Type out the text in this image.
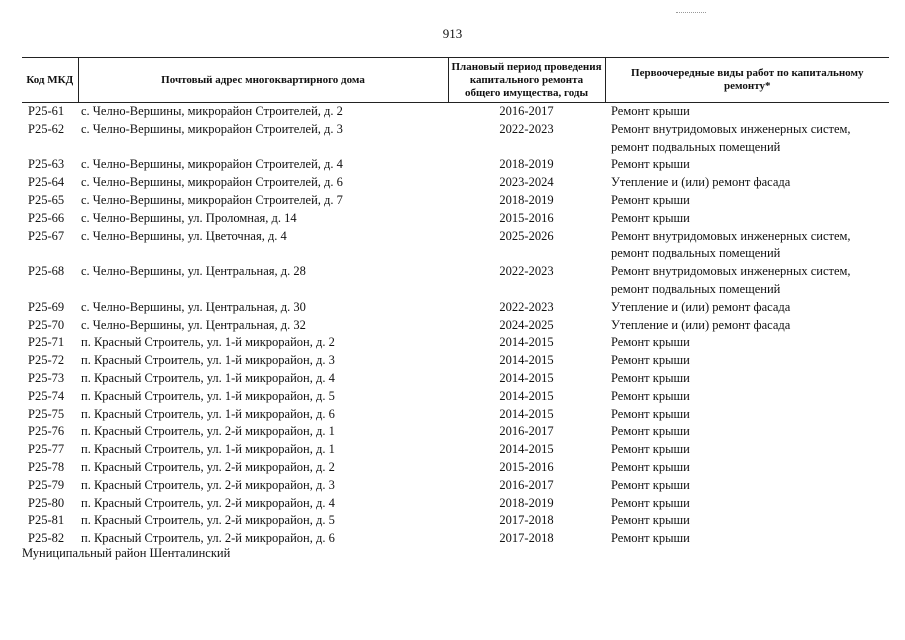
913
Код МКД	Почтовый адрес многоквартирного дома	Плановый период проведения капитального ремонта общего имущества, годы	Первоочередные виды работ по капитальному ремонту*
Р25-61	с. Челно-Вершины, микрорайон Строителей, д. 2	2016-2017	Ремонт крыши
Р25-62	с. Челно-Вершины, микрорайон Строителей, д. 3	2022-2023	Ремонт внутридомовых инженерных систем, ремонт подвальных помещений
Р25-63	с. Челно-Вершины, микрорайон Строителей, д. 4	2018-2019	Ремонт крыши
Р25-64	с. Челно-Вершины, микрорайон Строителей, д. 6	2023-2024	Утепление и (или) ремонт фасада
Р25-65	с. Челно-Вершины, микрорайон Строителей, д. 7	2018-2019	Ремонт крыши
Р25-66	с. Челно-Вершины, ул. Проломная, д. 14	2015-2016	Ремонт крыши
Р25-67	с. Челно-Вершины, ул. Цветочная, д. 4	2025-2026	Ремонт внутридомовых инженерных систем, ремонт подвальных помещений
Р25-68	с. Челно-Вершины, ул. Центральная, д. 28	2022-2023	Ремонт внутридомовых инженерных систем, ремонт подвальных помещений
Р25-69	с. Челно-Вершины, ул. Центральная, д. 30	2022-2023	Утепление и (или) ремонт фасада
Р25-70	с. Челно-Вершины, ул. Центральная, д. 32	2024-2025	Утепление и (или) ремонт фасада
Р25-71	п. Красный Строитель, ул. 1-й микрорайон, д. 2	2014-2015	Ремонт крыши
Р25-72	п. Красный Строитель, ул. 1-й микрорайон, д. 3	2014-2015	Ремонт крыши
Р25-73	п. Красный Строитель, ул. 1-й микрорайон, д. 4	2014-2015	Ремонт крыши
Р25-74	п. Красный Строитель, ул. 1-й микрорайон, д. 5	2014-2015	Ремонт крыши
Р25-75	п. Красный Строитель, ул. 1-й микрорайон, д. 6	2014-2015	Ремонт крыши
Р25-76	п. Красный Строитель, ул. 2-й микрорайон, д. 1	2016-2017	Ремонт крыши
Р25-77	п. Красный Строитель, ул. 1-й микрорайон, д. 1	2014-2015	Ремонт крыши
Р25-78	п. Красный Строитель, ул. 2-й микрорайон, д. 2	2015-2016	Ремонт крыши
Р25-79	п. Красный Строитель, ул. 2-й микрорайон, д. 3	2016-2017	Ремонт крыши
Р25-80	п. Красный Строитель, ул. 2-й микрорайон, д. 4	2018-2019	Ремонт крыши
Р25-81	п. Красный Строитель, ул. 2-й микрорайон, д. 5	2017-2018	Ремонт крыши
Р25-82	п. Красный Строитель, ул. 2-й микрорайон, д. 6	2017-2018	Ремонт крыши
Муниципальный район Шенталинский
